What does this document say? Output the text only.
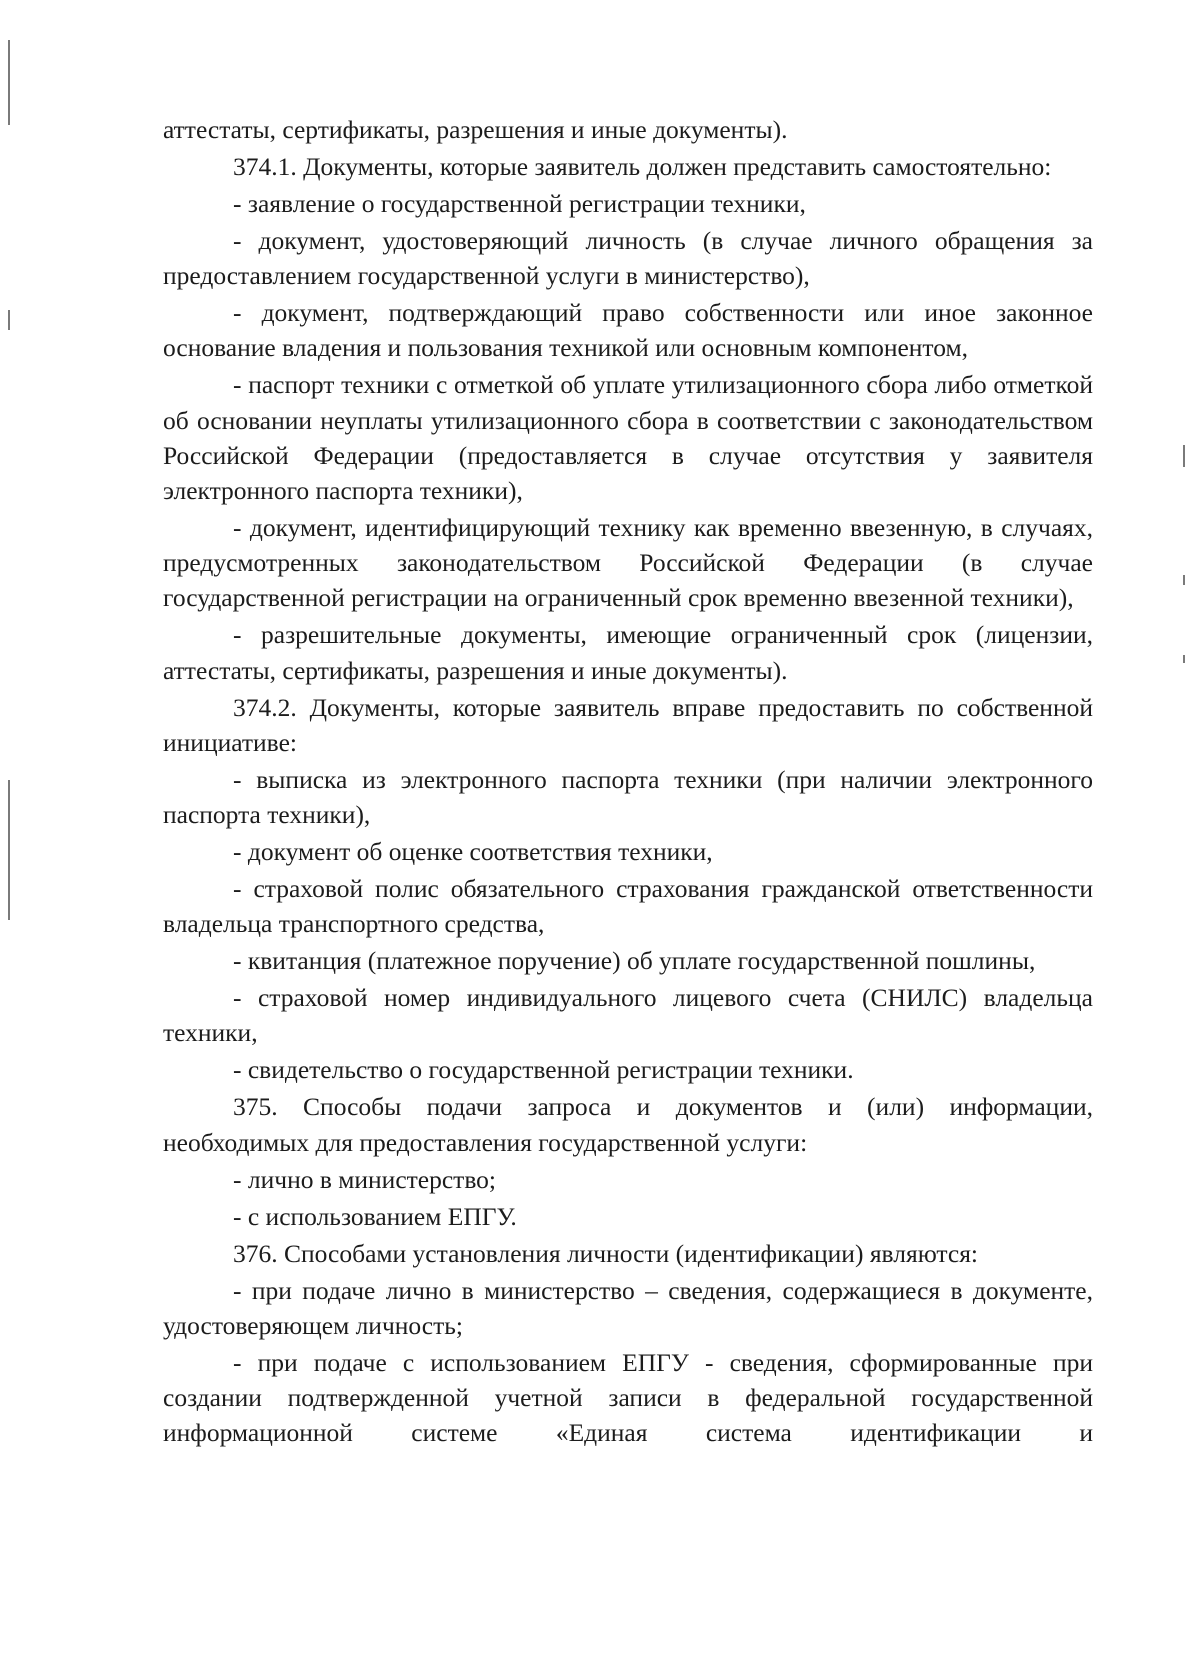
аттестаты, сертификаты, разрешения и иные документы).

374.1. Документы, которые заявитель должен представить самостоятельно:

- заявление о государственной регистрации техники,

- документ, удостоверяющий личность (в случае личного обращения за предоставлением государственной услуги в министерство),

- документ, подтверждающий право собственности или иное законное основание владения и пользования техникой или основным компонентом,

- паспорт техники с отметкой об уплате утилизационного сбора либо отметкой об основании неуплаты утилизационного сбора в соответствии с законодательством Российской Федерации (предоставляется в случае отсутствия у заявителя электронного паспорта техники),

- документ, идентифицирующий технику как временно ввезенную, в случаях, предусмотренных законодательством Российской Федерации (в случае государственной регистрации на ограниченный срок временно ввезенной техники),

- разрешительные документы, имеющие ограниченный срок (лицензии, аттестаты, сертификаты, разрешения и иные документы).

374.2. Документы, которые заявитель вправе предоставить по собственной инициативе:

- выписка из электронного паспорта техники (при наличии электронного паспорта техники),

- документ об оценке соответствия техники,

- страховой полис обязательного страхования гражданской ответственности владельца транспортного средства,

- квитанция (платежное поручение) об уплате государственной пошлины,

- страховой номер индивидуального лицевого счета (СНИЛС) владельца техники,

- свидетельство о государственной регистрации техники.

375. Способы подачи запроса и документов и (или) информации, необходимых для предоставления государственной услуги:

- лично в министерство;

- с использованием ЕПГУ.

376. Способами установления личности (идентификации) являются:

- при подаче лично в министерство – сведения, содержащиеся в документе, удостоверяющем личность;

- при подаче с использованием ЕПГУ - сведения, сформированные при создании подтвержденной учетной записи в федеральной государственной информационной системе «Единая система идентификации и
